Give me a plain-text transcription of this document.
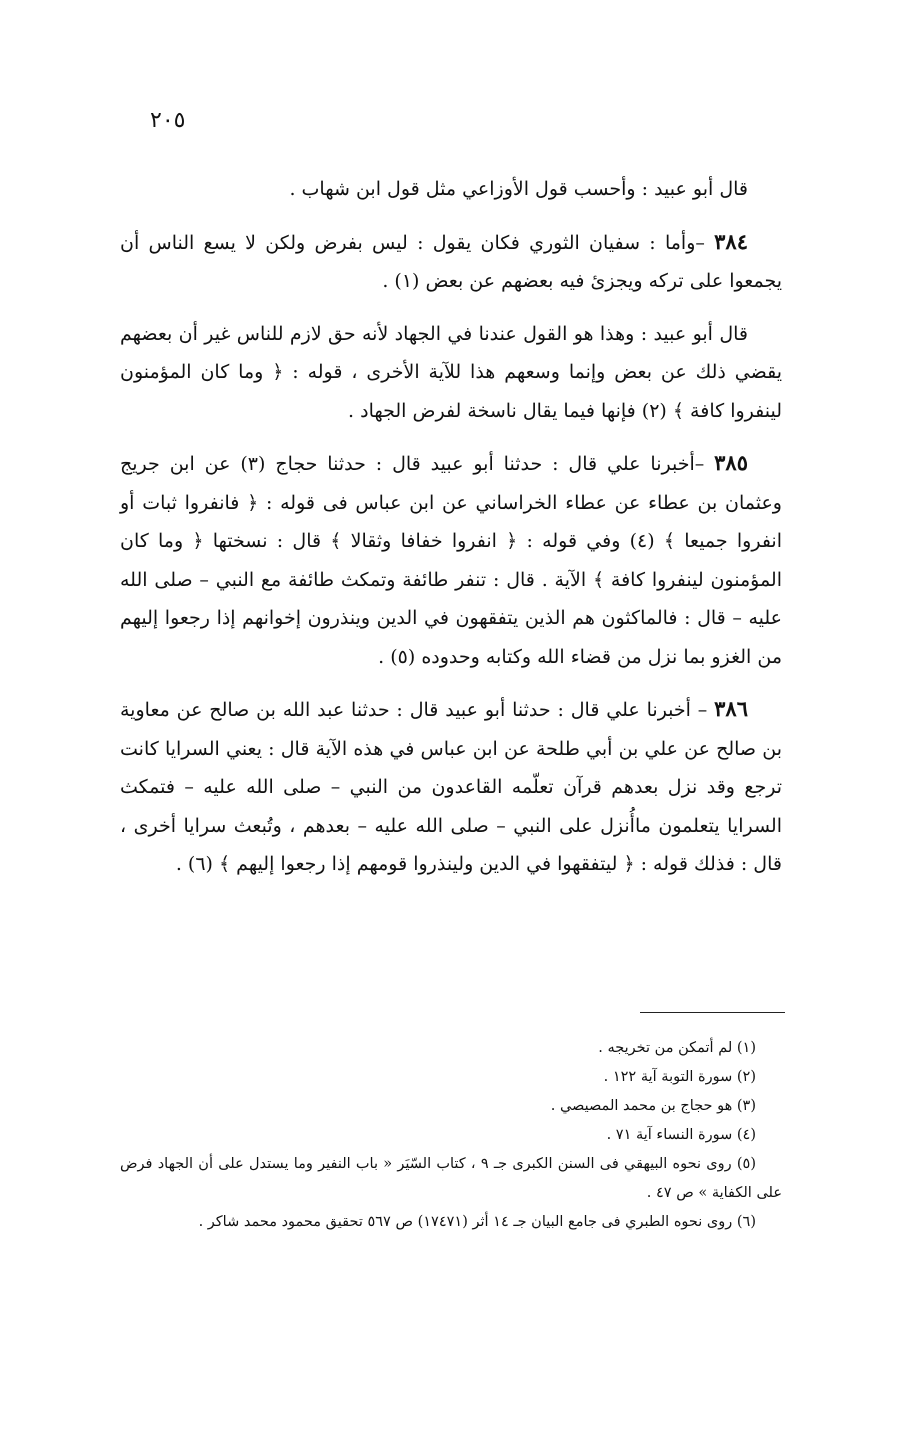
٢٠٥

قال أبو عبيد : وأحسب قول الأوزاعي مثل قول ابن شهاب .

٣٨٤ –وأما : سفيان الثوري فكان يقول : ليس بفرض ولكن لا يسع الناس أن يجمعوا على تركه ويجزئ فيه بعضهم عن بعض (١) .

قال أبو عبيد : وهذا هو القول عندنا في الجهاد لأنه حق لازم للناس غير أن بعضهم يقضي ذلك عن بعض وإنما وسعهم هذا للآية الأخرى ، قوله : ﴿ وما كان المؤمنون لينفروا كافة ﴾ (٢) فإنها فيما يقال ناسخة لفرض الجهاد .

٣٨٥ –أخبرنا علي قال : حدثنا أبو عبيد قال : حدثنا حجاج (٣) عن ابن جريج وعثمان بن عطاء عن عطاء الخراساني عن ابن عباس فى قوله : ﴿ فانفروا ثبات أو انفروا جميعا ﴾ (٤) وفي قوله : ﴿ انفروا خفافا وثقالا ﴾ قال : نسختها ﴿ وما كان المؤمنون لينفروا كافة ﴾ الآية . قال : تنفر طائفة وتمكث طائفة مع النبي – صلى الله عليه – قال : فالماكثون هم الذين يتفقهون في الدين وينذرون إخوانهم إذا رجعوا إليهم من الغزو بما نزل من قضاء الله وكتابه وحدوده (٥) .

٣٨٦ – أخبرنا علي قال : حدثنا أبو عبيد قال : حدثنا عبد الله بن صالح عن معاوية بن صالح عن علي بن أبي طلحة عن ابن عباس في هذه الآية قال : يعني السرايا كانت ترجع وقد نزل بعدهم قرآن تعلّمه القاعدون من النبي – صلى الله عليه – فتمكث السرايا يتعلمون ماأُنزل على النبي – صلى الله عليه – بعدهم ، وتُبعث سرايا أخرى ، قال : فذلك قوله : ﴿ ليتفقهوا في الدين ولينذروا قومهم إذا رجعوا إليهم ﴾ (٦) .

(١) لم أتمكن من تخريجه .

(٢) سورة التوبة آية ١٢٢ .

(٣) هو حجاج بن محمد المصيصي .

(٤) سورة النساء آية ٧١ .

(٥) روى نحوه البيهقي فى السنن الكبرى جـ ٩ ، كتاب السّيَر « باب النفير وما يستدل على أن الجهاد فرض على الكفاية » ص ٤٧ .

(٦) روى نحوه الطبري فى جامع البيان جـ ١٤ أثر (١٧٤٧١) ص ٥٦٧ تحقيق محمود محمد شاكر .
